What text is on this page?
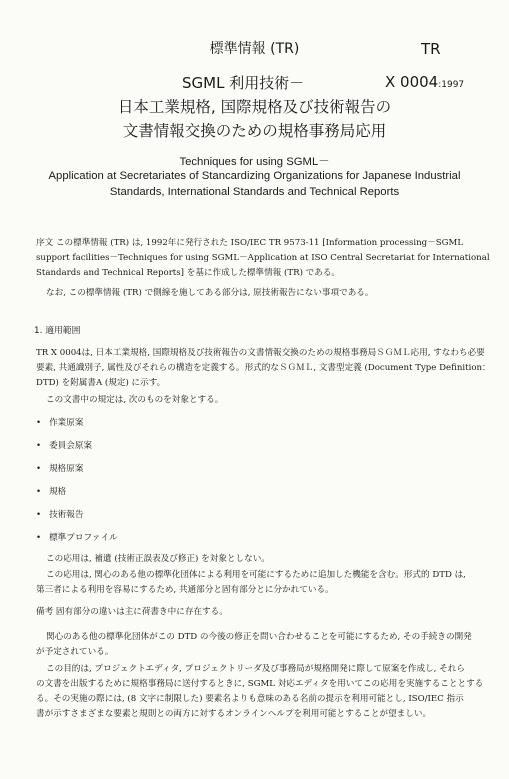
標準情報 (TR)	TR
SGML 利用技術－	X 0004:1997
日本工業規格, 国際規格及び技術報告の
文書情報交換のための規格事務局応用
Techniques for using SGML－
Application at Secretariates of Stancardizing Organizations for Japanese Industrial
Standards, International Standards and Technical Reports
序文 この標準情報 (TR) は, 1992年に発行された ISO/IEC TR 9573-11 [Information processing－SGML
support facilities－Techniques for using SGML－Application at ISO Central Secretariat for International
Standards and Technical Reports] を基に作成した標準情報 (TR) である。
なお, この標準情報 (TR) で側線を施してある部分は, 原技術報告にない事項である。
1. 適用範囲
TR X 0004は, 日本工業規格, 国際規格及び技術報告の文書情報交換のための規格事務局ＳＧＭＬ応用, すなわち必要
要素, 共通識別子, 属性及びそれらの構造を定義する。形式的なＳＧＭＬ, 文書型定義 (Document Type Definition：
DTD) を附属書A (規定) に示す。
この文書中の規定は, 次のものを対象とする。
• 作業原案
• 委員会原案
• 規格原案
• 規格
• 技術報告
• 標準プロファイル
この応用は, 補遺 (技術正誤表及び修正) を対象としない。
この応用は, 関心のある他の標準化団体による利用を可能にするために追加した機能を含む。形式的 DTD は,
第三者による利用を容易にするため, 共通部分と固有部分とに分かれている。
備考 固有部分の違いは主に荷書き中に存在する。
関心のある他の標準化団体がこの DTD の今後の修正を問い合わせることを可能にするため, その手続きの開発
が予定されている。
この目的は, プロジェクトエディタ, プロジェクトリーダ及び事務局が規格開発に際して原案を作成し, それら
の文書を出版するために規格事務局に送付するときに, SGML 対応エディタを用いてこの応用を実施することとする
る。その実施の際には, (8 文字に制限した) 要素名よりも意味のある名前の提示を利用可能とし, ISO/IEC 指示
書が示すさまざまな要素と規則との両方に対するオンラインヘルプを利用可能とすることが望ましい。
